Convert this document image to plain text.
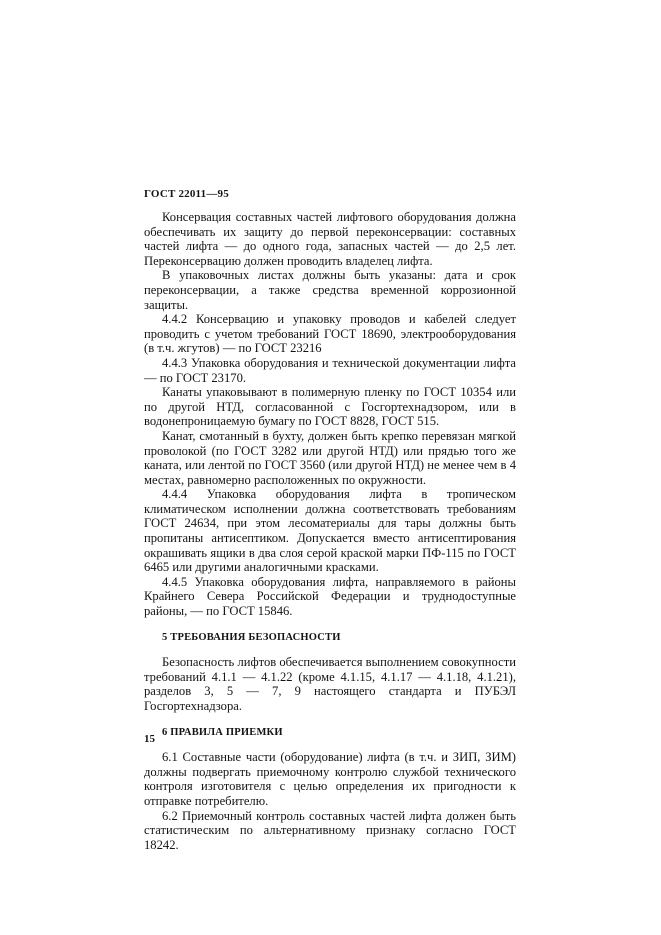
ГОСТ 22011—95

Консервация составных частей лифтового оборудования должна обеспечивать их защиту до первой переконсервации: составных частей лифта — до одного года, запасных частей — до 2,5 лет. Переконсервацию должен проводить владелец лифта.

В упаковочных листах должны быть указаны: дата и срок переконсервации, а также средства временной коррозионной защиты.

4.4.2 Консервацию и упаковку проводов и кабелей следует проводить с учетом требований ГОСТ 18690, электрооборудования (в т.ч. жгутов) — по ГОСТ 23216

4.4.3 Упаковка оборудования и технической документации лифта — по ГОСТ 23170.

Канаты упаковывают в полимерную пленку по ГОСТ 10354 или по другой НТД, согласованной с Госгортехнадзором, или в водонепроницаемую бумагу по ГОСТ 8828, ГОСТ 515.

Канат, смотанный в бухту, должен быть крепко перевязан мягкой проволокой (по ГОСТ 3282 или другой НТД) или прядью того же каната, или лентой по ГОСТ 3560 (или другой НТД) не менее чем в 4 местах, равномерно расположенных по окружности.

4.4.4 Упаковка оборудования лифта в тропическом климатическом исполнении должна соответствовать требованиям ГОСТ 24634, при этом лесоматериалы для тары должны быть пропитаны антисептиком. Допускается вместо антисептирования окрашивать ящики в два слоя серой краской марки ПФ-115 по ГОСТ 6465 или другими аналогичными красками.

4.4.5 Упаковка оборудования лифта, направляемого в районы Крайнего Севера Российской Федерации и труднодоступные районы, — по ГОСТ 15846.

5 ТРЕБОВАНИЯ БЕЗОПАСНОСТИ

Безопасность лифтов обеспечивается выполнением совокупности требований 4.1.1 — 4.1.22 (кроме 4.1.15, 4.1.17 — 4.1.18, 4.1.21), разделов 3, 5 — 7, 9 настоящего стандарта и ПУБЭЛ Госгортехнадзора.

6 ПРАВИЛА ПРИЕМКИ

6.1 Составные части (оборудование) лифта (в т.ч. и ЗИП, ЗИМ) должны подвергать приемочному контролю службой технического контроля изготовителя с целью определения их пригодности к отправке потребителю.

6.2 Приемочный контроль составных частей лифта должен быть статистическим по альтернативному признаку согласно ГОСТ 18242.

15
